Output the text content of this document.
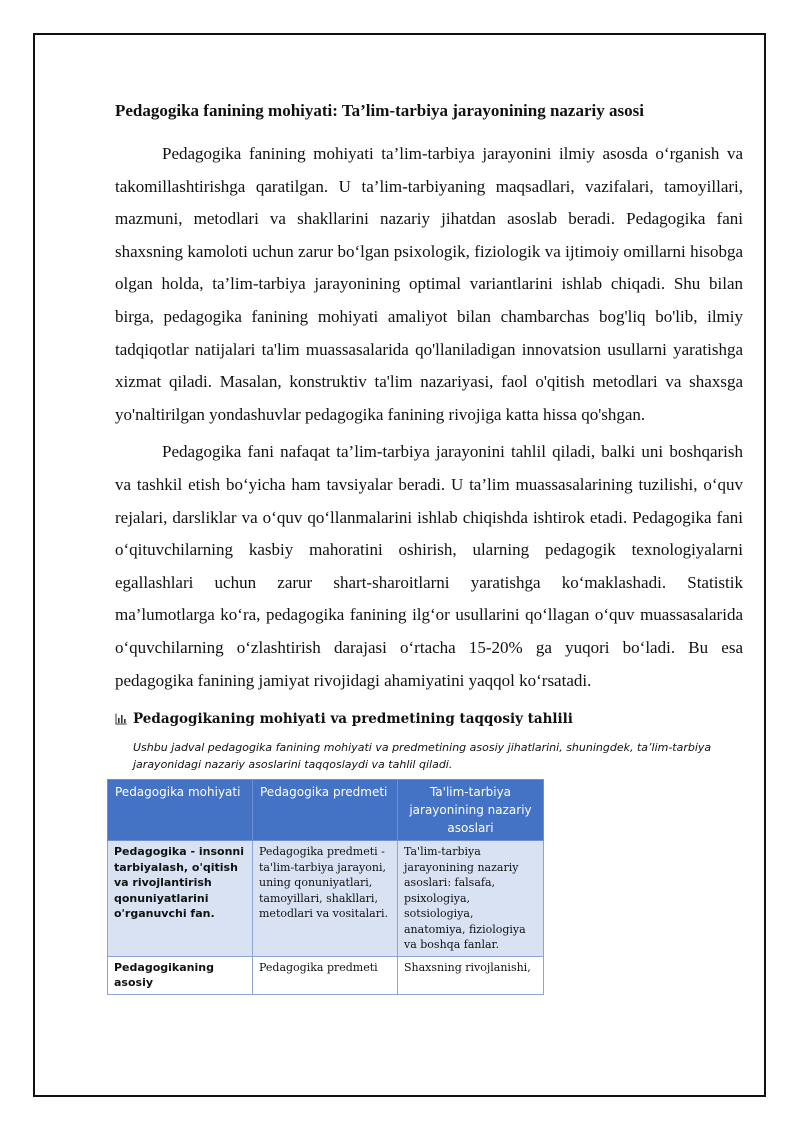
Pedagogika fanining mohiyati: Ta’lim-tarbiya jarayonining nazariy asosi

Pedagogika fanining mohiyati ta’lim-tarbiya jarayonini ilmiy asosda o‘rganish va takomillashtirishga qaratilgan. U ta’lim-tarbiyaning maqsadlari, vazifalari, tamoyillari, mazmuni, metodlari va shakllarini nazariy jihatdan asoslab beradi. Pedagogika fani shaxsning kamoloti uchun zarur bo‘lgan psixologik, fiziologik va ijtimoiy omillarni hisobga olgan holda, ta’lim-tarbiya jarayonining optimal variantlarini ishlab chiqadi. Shu bilan birga, pedagogika fanining mohiyati amaliyot bilan chambarchas bog'liq bo'lib, ilmiy tadqiqotlar natijalari ta'lim muassasalarida qo'llaniladigan innovatsion usullarni yaratishga xizmat qiladi. Masalan, konstruktiv ta'lim nazariyasi, faol o'qitish metodlari va shaxsga yo'naltirilgan yondashuvlar pedagogika fanining rivojiga katta hissa qo'shgan.

Pedagogika fani nafaqat ta’lim-tarbiya jarayonini tahlil qiladi, balki uni boshqarish va tashkil etish bo‘yicha ham tavsiyalar beradi. U ta’lim muassasalarining tuzilishi, o‘quv rejalari, darsliklar va o‘quv qo‘llanmalarini ishlab chiqishda ishtirok etadi. Pedagogika fani o‘qituvchilarning kasbiy mahoratini oshirish, ularning pedagogik texnologiyalarni egallashlari uchun zarur shart-sharoitlarni yaratishga ko‘maklashadi. Statistik ma’lumotlarga ko‘ra, pedagogika fanining ilg‘or usullarini qo‘llagan o‘quv muassasalarida o‘quvchilarning o‘zlashtirish darajasi o‘rtacha 15-20% ga yuqori bo‘ladi. Bu esa pedagogika fanining jamiyat rivojidagi ahamiyatini yaqqol ko‘rsatadi.

Pedagogikaning mohiyati va predmetining taqqosiy tahlili
Ushbu jadval pedagogika fanining mohiyati va predmetining asosiy jihatlarini, shuningdek, ta’lim-tarbiya jarayonidagi nazariy asoslarini taqqoslaydi va tahlil qiladi.
Pedagogika mohiyati	Pedagogika predmeti	Ta'lim-tarbiya jarayonining nazariy asoslari
Pedagogika - insonni tarbiyalash, o'qitish va rivojlantirish qonuniyatlarini o'rganuvchi fan.	Pedagogika predmeti - ta'lim-tarbiya jarayoni, uning qonuniyatlari, tamoyillari, shakllari, metodlari va vositalari.	Ta'lim-tarbiya jarayonining nazariy asoslari: falsafa, psixologiya, sotsiologiya, anatomiya, fiziologiya va boshqa fanlar.
Pedagogikaning asosiy	Pedagogika predmeti	Shaxsning rivojlanishi,
